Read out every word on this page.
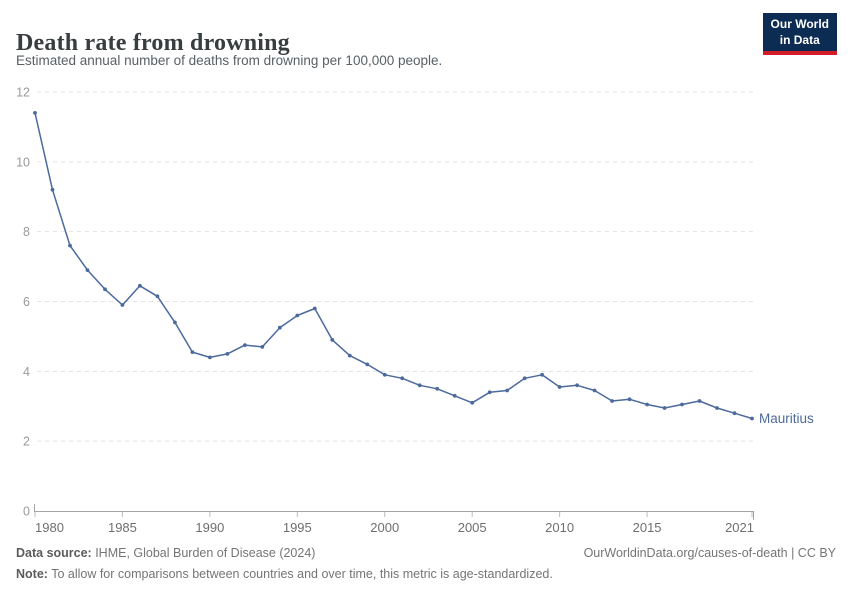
Death rate from drowning
Estimated annual number of deaths from drowning per 100,000 people.
Our World
in Data
0
2
4
6
8
10
12
1980	1985	1990	1995	2000	2005	2010	2015	2021
Mauritius
Data source: IHME, Global Burden of Disease (2024)	OurWorldinData.org/causes-of-death | CC BY
Note: To allow for comparisons between countries and over time, this metric is age-standardized.
